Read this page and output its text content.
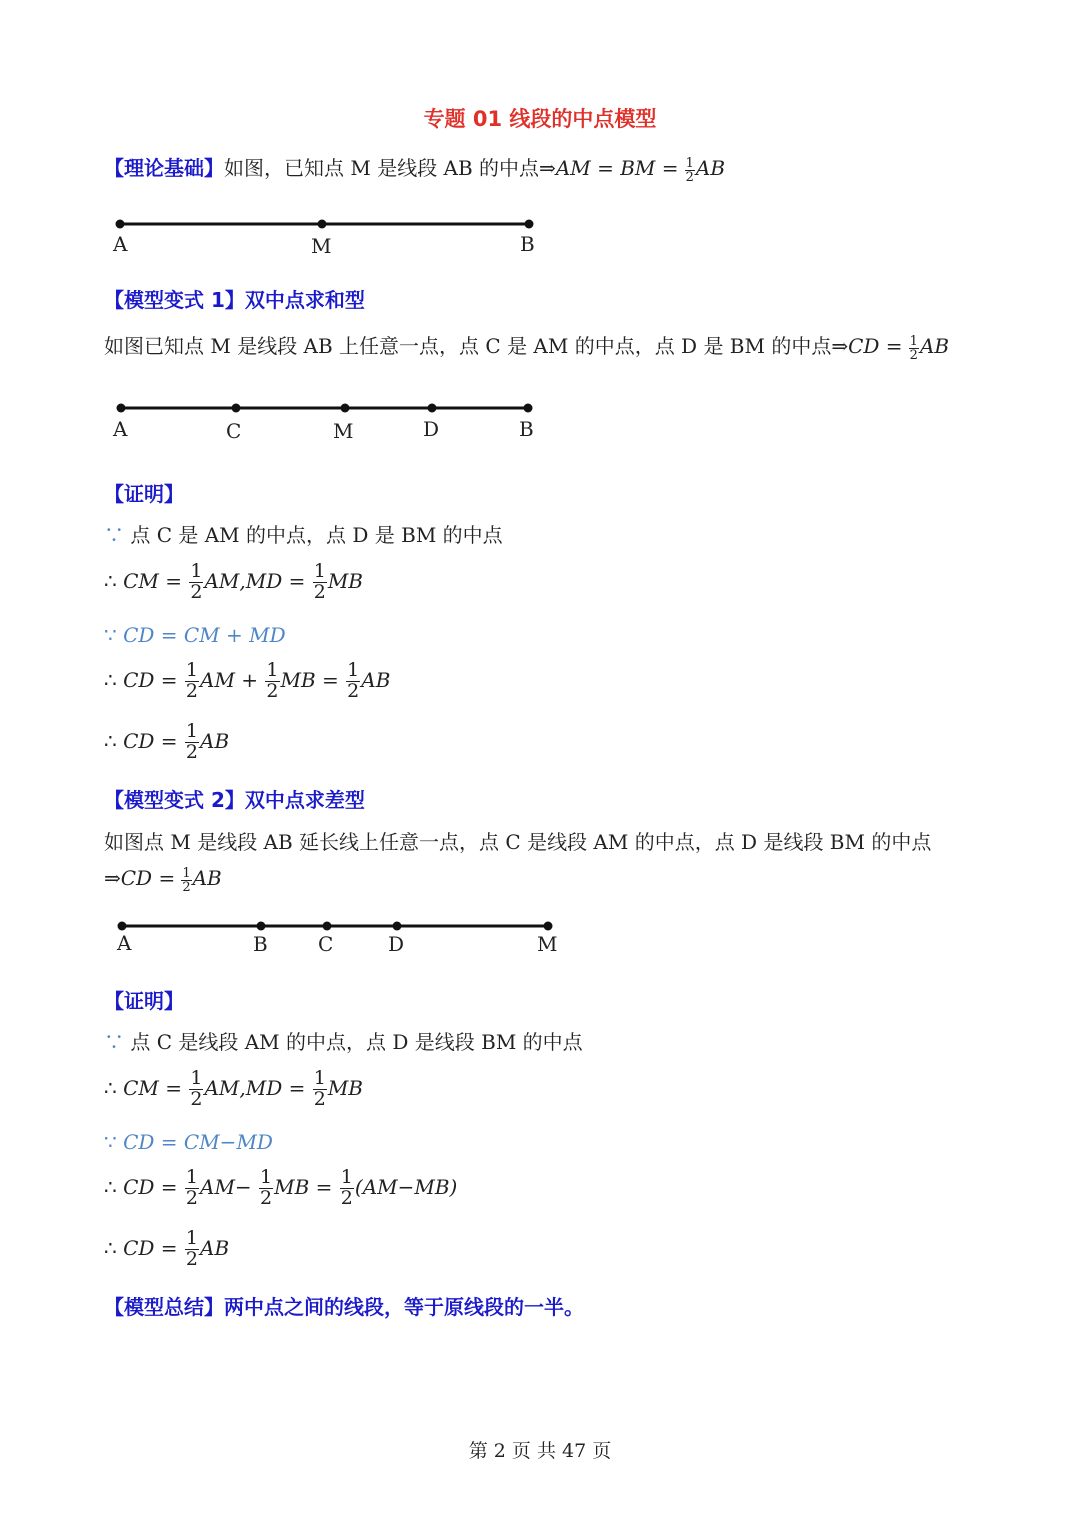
专题 01 线段的中点模型
【理论基础】如图，已知点 M 是线段 AB 的中点⇒AM = BM = $\frac{1}{2}$ AB
A	M	B
【模型变式 1】双中点求和型
如图已知点 M 是线段 AB 上任意一点，点 C 是 AM 的中点，点 D 是 BM 的中点⇒CD = $\frac{1}{2}$ AB
A	C	M	D	B
【证明】
∵ 点 C 是 AM 的中点，点 D 是 BM 的中点
∴ CM = $\frac{1}{2} AM,MD = \frac{1}{2}$ MB
∵ CD = CM + MD
∴ CD = $\frac{1}{2}$ AM + $\frac{1}{2}$ MB = $\frac{1}{2}$ AB
∴ CD = $\frac{1}{2}$ AB
【模型变式 2】双中点求差型
如图点 M 是线段 AB 延长线上任意一点，点 C 是线段 AM 的中点，点 D 是线段 BM 的中点
⇒CD = $\frac{1}{2}$ AB
A	B	C	D	M
【证明】
∵ 点 C 是线段 AM 的中点，点 D 是线段 BM 的中点
∴ CM = $\frac{1}{2} AM,MD = \frac{1}{2}$ MB
∵ CD = CM−MD
∴ CD = $\frac{1}{2} AM- \frac{1}{2}$ MB = $\frac{1}{2} (AM-MB)$
∴ CD = $\frac{1}{2}$ AB
【模型总结】两中点之间的线段，等于原线段的一半。
第 2 页 共 47 页
